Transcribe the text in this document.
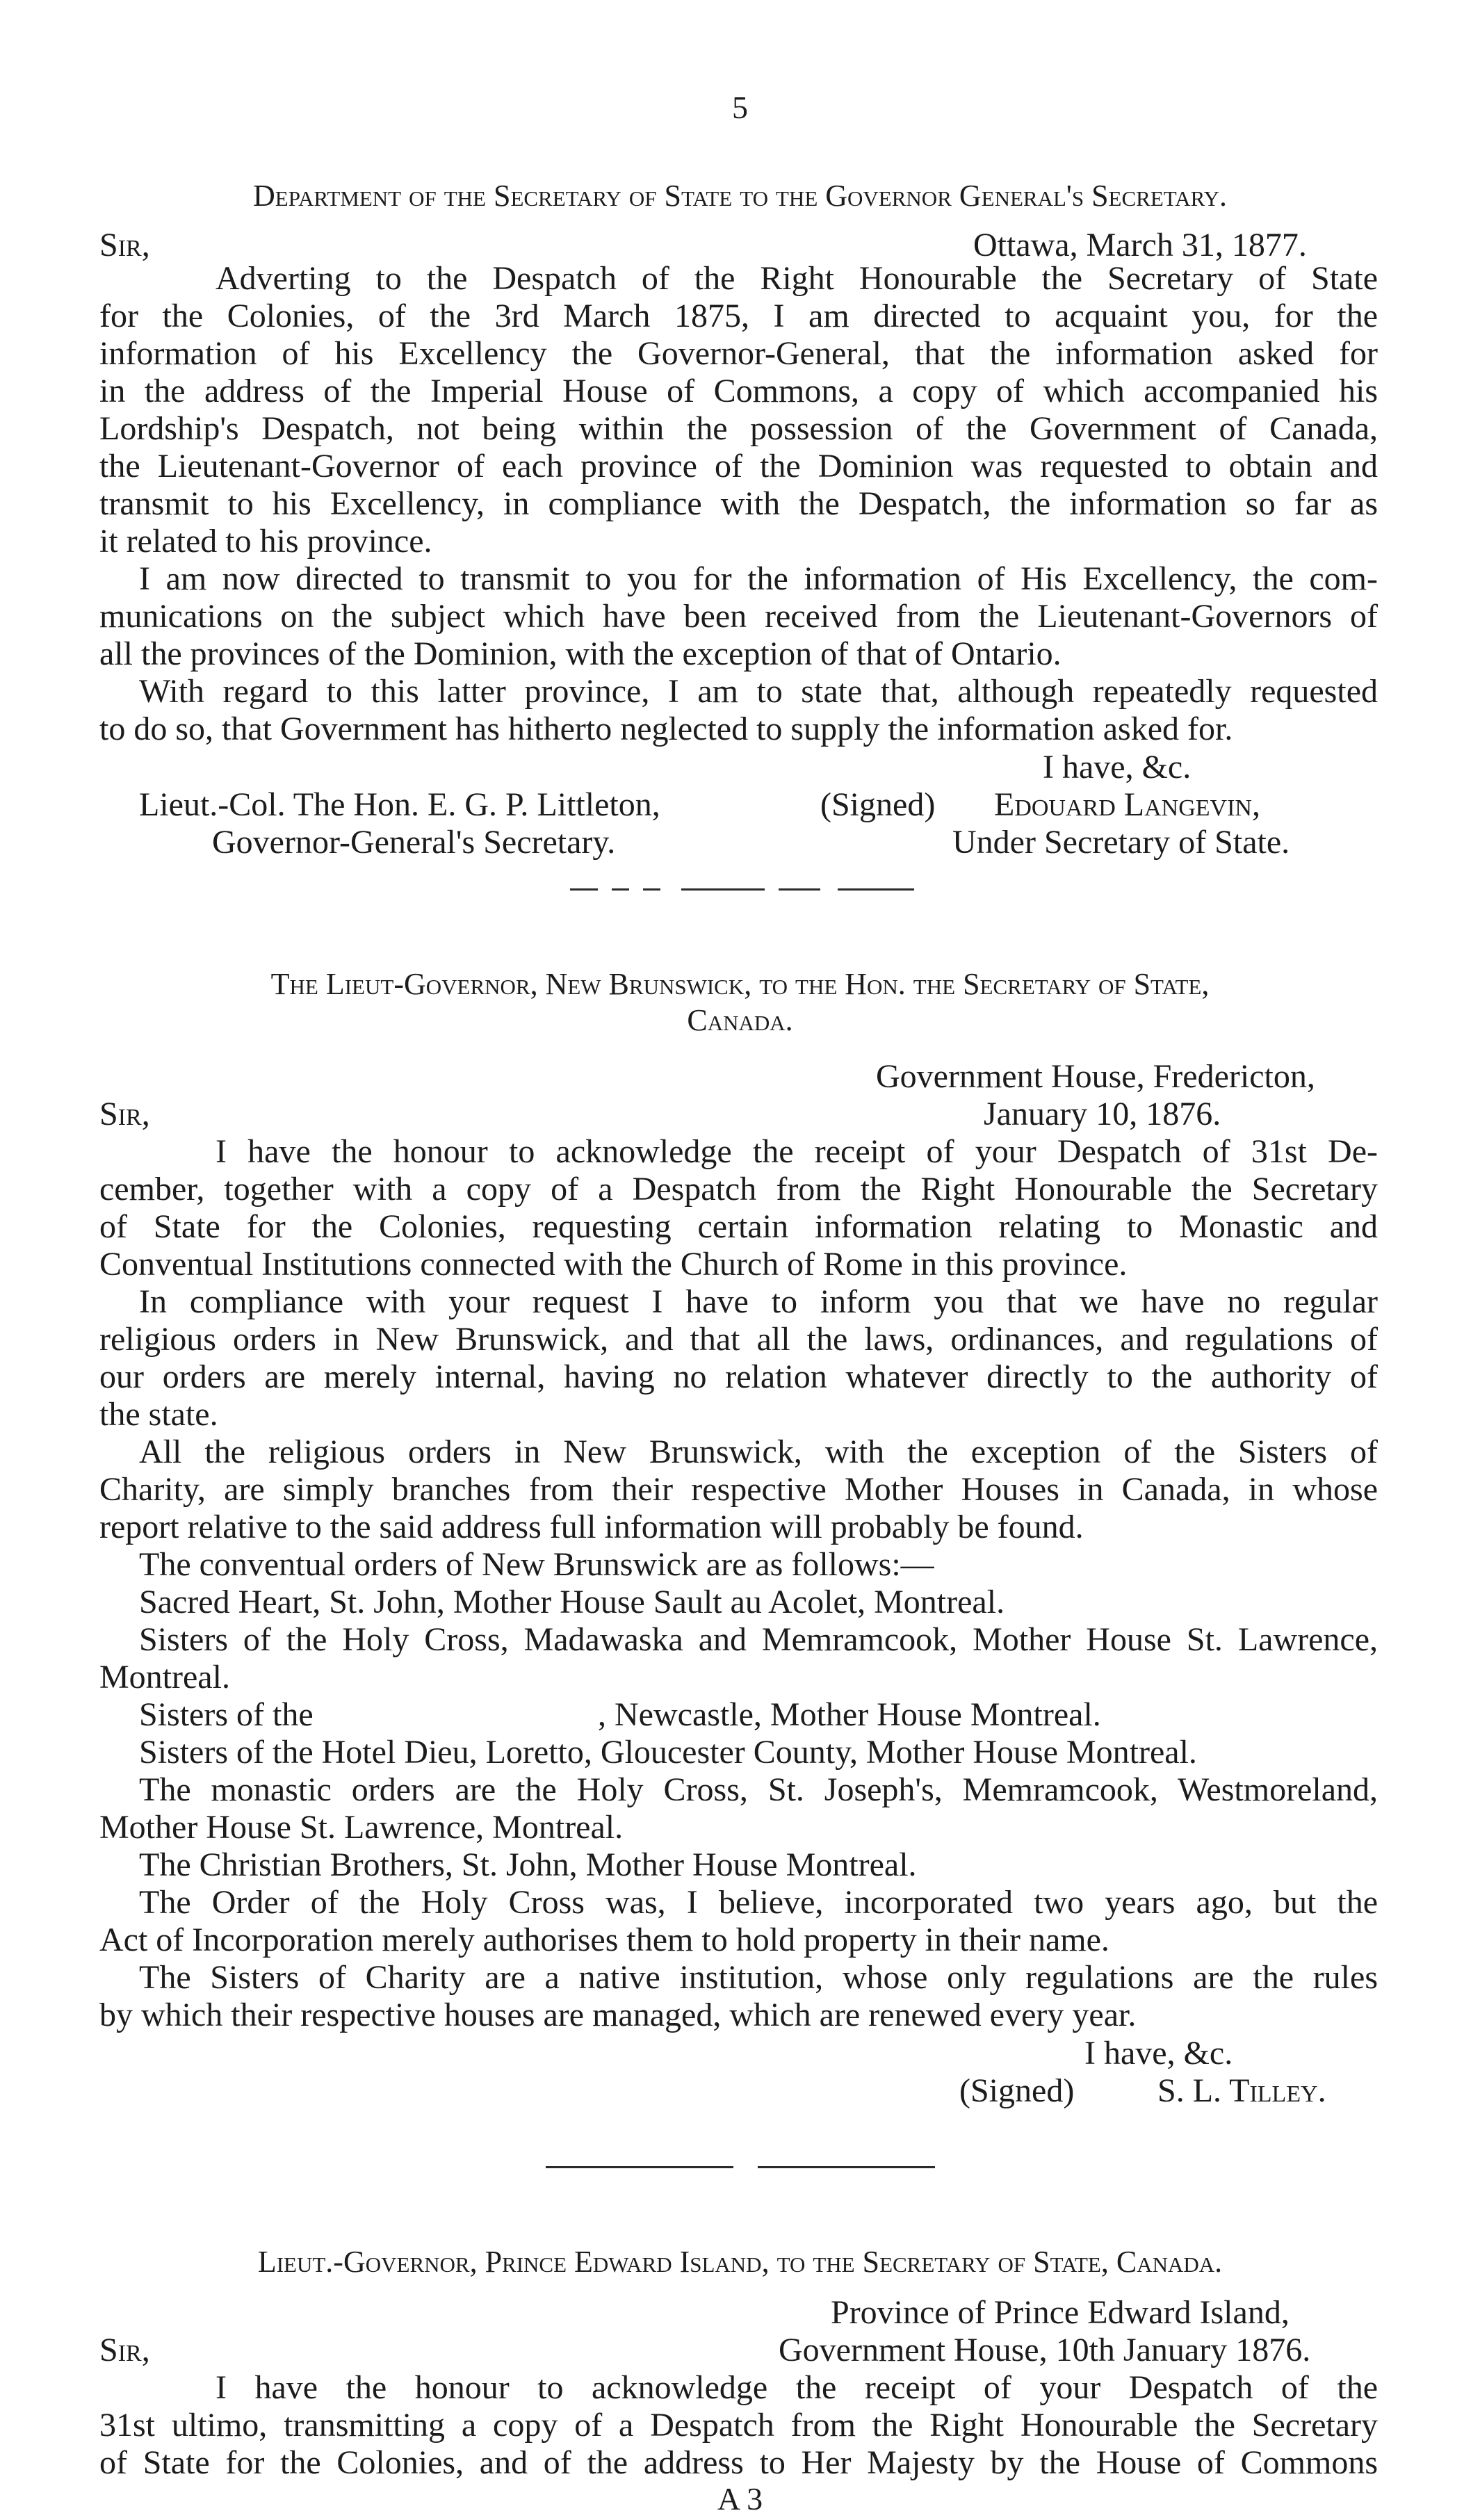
5
Department of the Secretary of State to the Governor General's Secretary.
Sir,	Ottawa, March 31, 1877.
Adverting to the Despatch of the Right Honourable the Secretary of State
for the Colonies, of the 3rd March 1875, I am directed to acquaint you, for the
information of his Excellency the Governor-General, that the information asked for
in the address of the Imperial House of Commons, a copy of which accompanied his
Lordship's Despatch, not being within the possession of the Government of Canada,
the Lieutenant-Governor of each province of the Dominion was requested to obtain and
transmit to his Excellency, in compliance with the Despatch, the information so far as
it related to his province.
I am now directed to transmit to you for the information of His Excellency, the com-
munications on the subject which have been received from the Lieutenant-Governors of
all the provinces of the Dominion, with the exception of that of Ontario.
With regard to this latter province, I am to state that, although repeatedly requested
to do so, that Government has hitherto neglected to supply the information asked for.
I have, &c.
Lieut.-Col. The Hon. E. G. P. Littleton,	(Signed) Edouard Langevin,
Governor-General's Secretary.	Under Secretary of State.
The Lieut-Governor, New Brunswick, to the Hon. the Secretary of State,
Canada.
Government House, Fredericton,
Sir,	January 10, 1876.
I have the honour to acknowledge the receipt of your Despatch of 31st De-
cember, together with a copy of a Despatch from the Right Honourable the Secretary
of State for the Colonies, requesting certain information relating to Monastic and
Conventual Institutions connected with the Church of Rome in this province.
In compliance with your request I have to inform you that we have no regular
religious orders in New Brunswick, and that all the laws, ordinances, and regulations of
our orders are merely internal, having no relation whatever directly to the authority of
the state.
All the religious orders in New Brunswick, with the exception of the Sisters of
Charity, are simply branches from their respective Mother Houses in Canada, in whose
report relative to the said address full information will probably be found.
The conventual orders of New Brunswick are as follows:—
Sacred Heart, St. John, Mother House Sault au Acolet, Montreal.
Sisters of the Holy Cross, Madawaska and Memramcook, Mother House St. Lawrence,
Montreal.
Sisters of the	, Newcastle, Mother House Montreal.
Sisters of the Hotel Dieu, Loretto, Gloucester County, Mother House Montreal.
The monastic orders are the Holy Cross, St. Joseph's, Memramcook, Westmoreland,
Mother House St. Lawrence, Montreal.
The Christian Brothers, St. John, Mother House Montreal.
The Order of the Holy Cross was, I believe, incorporated two years ago, but the
Act of Incorporation merely authorises them to hold property in their name.
The Sisters of Charity are a native institution, whose only regulations are the rules
by which their respective houses are managed, which are renewed every year.
I have, &c.
(Signed) S. L. Tilley.
Lieut.-Governor, Prince Edward Island, to the Secretary of State, Canada.
Province of Prince Edward Island,
Sir,	Government House, 10th January 1876.
I have the honour to acknowledge the receipt of your Despatch of the
31st ultimo, transmitting a copy of a Despatch from the Right Honourable the Secretary
of State for the Colonies, and of the address to Her Majesty by the House of Commons
A 3
